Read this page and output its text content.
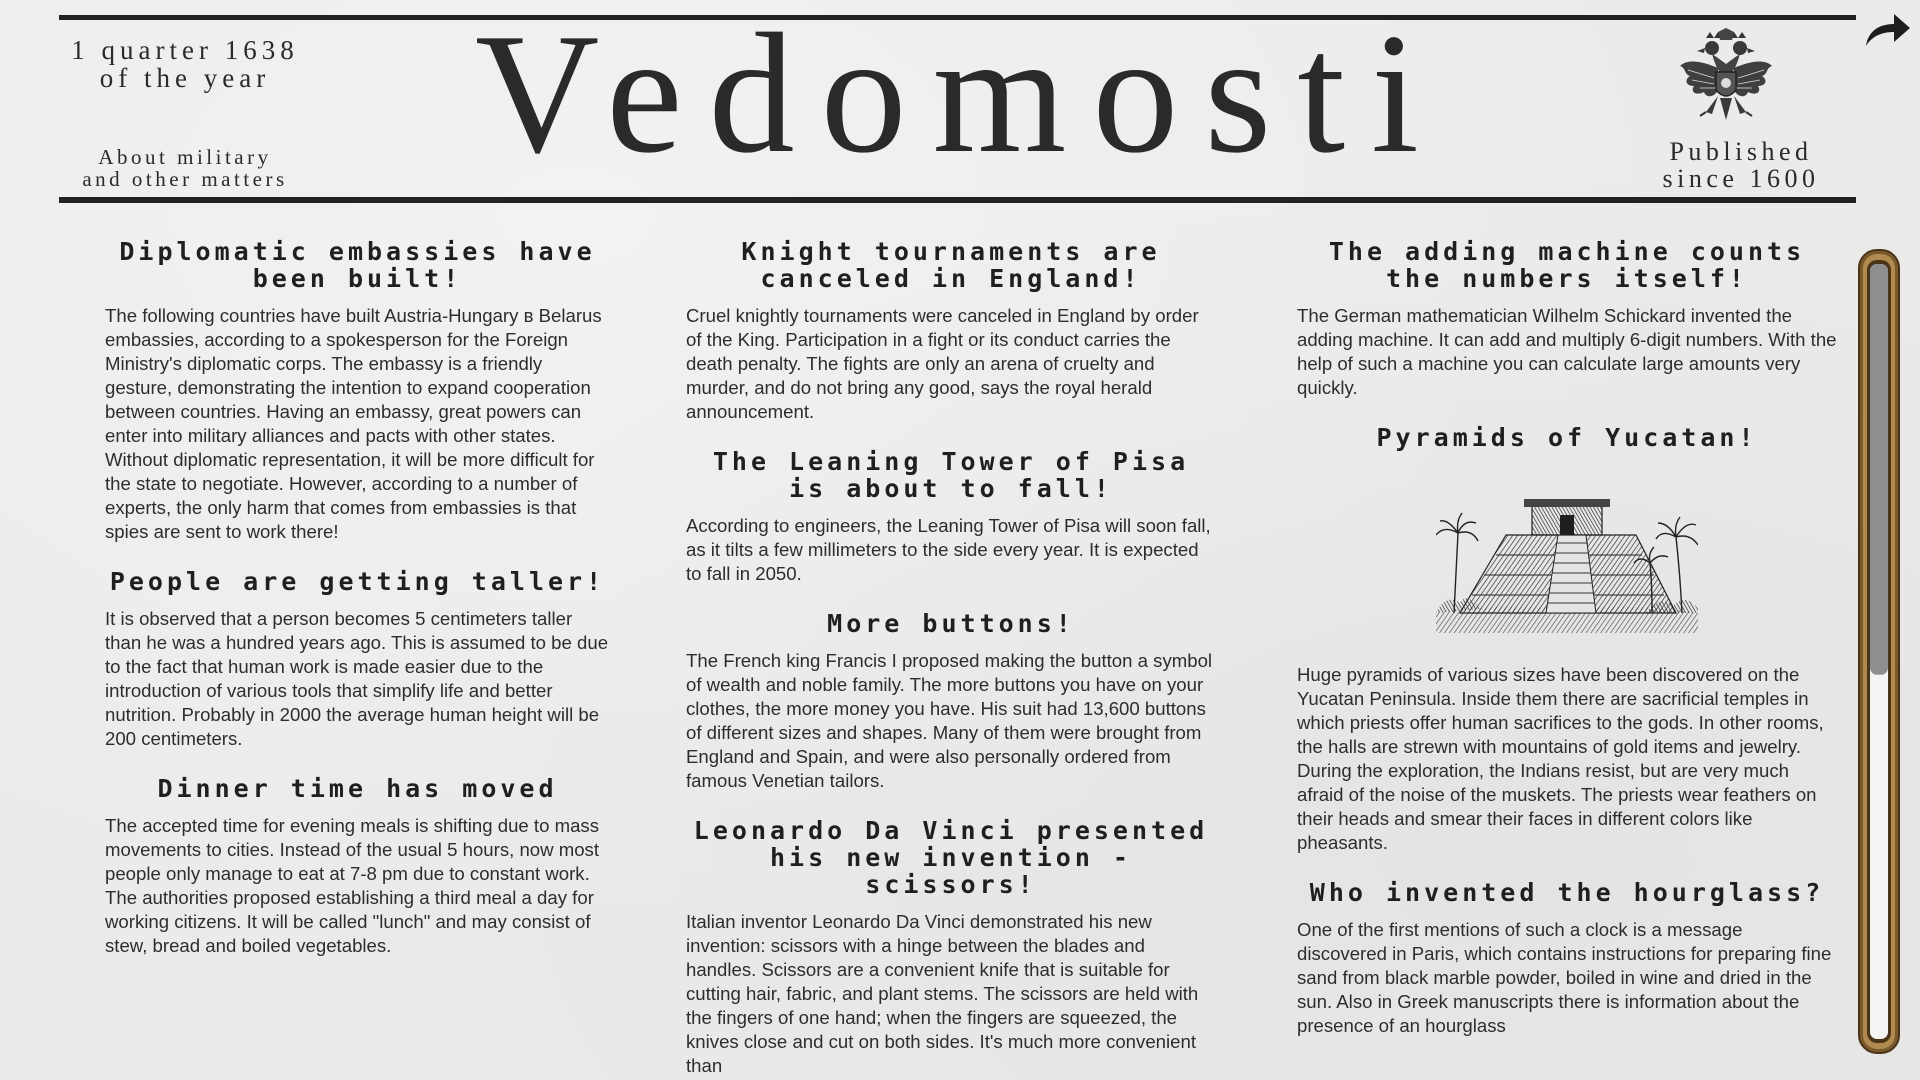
1 quarter 1638
of the year
About military
and other matters Vedomosti	Published
since 1600
Diplomatic embassies have been built!

The following countries have built Austria-Hungary в Belarus embassies, according to a spokesperson for the Foreign Ministry's diplomatic corps. The embassy is a friendly gesture, demonstrating the intention to expand cooperation between countries. Having an embassy, great powers can enter into military alliances and pacts with other states. Without diplomatic representation, it will be more difficult for the state to negotiate. However, according to a number of experts, the only harm that comes from embassies is that spies are sent to work there!

People are getting taller!

It is observed that a person becomes 5 centimeters taller than he was a hundred years ago. This is assumed to be due to the fact that human work is made easier due to the introduction of various tools that simplify life and better nutrition. Probably in 2000 the average human height will be 200 centimeters.

Dinner time has moved

The accepted time for evening meals is shifting due to mass movements to cities. Instead of the usual 5 hours, now most people only manage to eat at 7-8 pm due to constant work. The authorities proposed establishing a third meal a day for working citizens. It will be called "lunch" and may consist of stew, bread and boiled vegetables.

Knight tournaments are canceled in England!

Cruel knightly tournaments were canceled in England by order of the King. Participation in a fight or its conduct carries the death penalty. The fights are only an arena of cruelty and murder, and do not bring any good, says the royal herald announcement.

The Leaning Tower of Pisa is about to fall!

According to engineers, the Leaning Tower of Pisa will soon fall, as it tilts a few millimeters to the side every year. It is expected to fall in 2050.

More buttons!

The French king Francis I proposed making the button a symbol of wealth and noble family. The more buttons you have on your clothes, the more money you have. His suit had 13,600 buttons of different sizes and shapes. Many of them were brought from England and Spain, and were also personally ordered from famous Venetian tailors.

Leonardo Da Vinci presented his new invention - scissors!

Italian inventor Leonardo Da Vinci demonstrated his new invention: scissors with a hinge between the blades and handles. Scissors are a convenient knife that is suitable for cutting hair, fabric, and plant stems. The scissors are held with the fingers of one hand; when the fingers are squeezed, the knives close and cut on both sides. It's much more convenient than

The adding machine counts the numbers itself!

The German mathematician Wilhelm Schickard invented the adding machine. It can add and multiply 6-digit numbers. With the help of such a machine you can calculate large amounts very quickly.

Pyramids of Yucatan!

Huge pyramids of various sizes have been discovered on the Yucatan Peninsula. Inside them there are sacrificial temples in which priests offer human sacrifices to the gods. In other rooms, the halls are strewn with mountains of gold items and jewelry. During the exploration, the Indians resist, but are very much afraid of the noise of the muskets. The priests wear feathers on their heads and smear their faces in different colors like pheasants.

Who invented the hourglass?

One of the first mentions of such a clock is a message discovered in Paris, which contains instructions for preparing fine sand from black marble powder, boiled in wine and dried in the sun. Also in Greek manuscripts there is information about the presence of an hourglass
